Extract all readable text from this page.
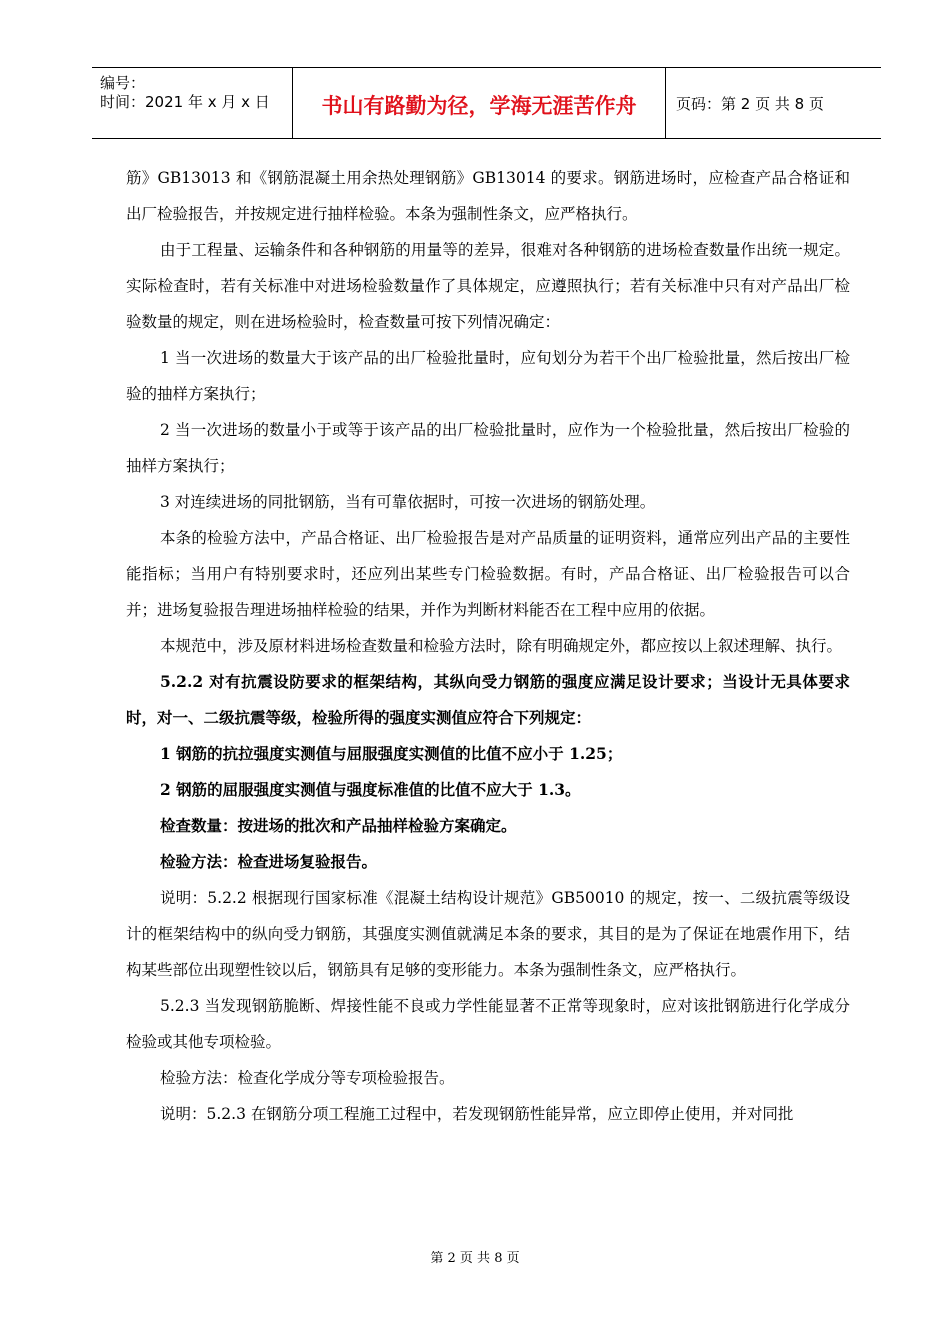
编号：
时间：2021 年 x 月 x 日	书山有路勤为径，学海无涯苦作舟	页码：第 2 页 共 8 页

筋》GB13013 和《钢筋混凝土用余热处理钢筋》GB13014 的要求。钢筋进场时，应检查产品合格证和出厂检验报告，并按规定进行抽样检验。本条为强制性条文，应严格执行。

由于工程量、运输条件和各种钢筋的用量等的差异，很难对各种钢筋的进场检查数量作出统一规定。实际检查时，若有关标准中对进场检验数量作了具体规定，应遵照执行；若有关标准中只有对产品出厂检验数量的规定，则在进场检验时，检查数量可按下列情况确定：

1 当一次进场的数量大于该产品的出厂检验批量时，应旬划分为若干个出厂检验批量，然后按出厂检验的抽样方案执行；

2 当一次进场的数量小于或等于该产品的出厂检验批量时，应作为一个检验批量，然后按出厂检验的抽样方案执行；

3 对连续进场的同批钢筋，当有可靠依据时，可按一次进场的钢筋处理。

本条的检验方法中，产品合格证、出厂检验报告是对产品质量的证明资料，通常应列出产品的主要性能指标；当用户有特别要求时，还应列出某些专门检验数据。有时，产品合格证、出厂检验报告可以合并；进场复验报告理进场抽样检验的结果，并作为判断材料能否在工程中应用的依据。

本规范中，涉及原材料进场检查数量和检验方法时，除有明确规定外，都应按以上叙述理解、执行。

5.2.2 对有抗震设防要求的框架结构，其纵向受力钢筋的强度应满足设计要求；当设计无具体要求时，对一、二级抗震等级，检验所得的强度实测值应符合下列规定：

1 钢筋的抗拉强度实测值与屈服强度实测值的比值不应小于 1.25；

2 钢筋的屈服强度实测值与强度标准值的比值不应大于 1.3。

检查数量：按进场的批次和产品抽样检验方案确定。

检验方法：检查进场复验报告。

说明：5.2.2 根据现行国家标准《混凝土结构设计规范》GB50010 的规定，按一、二级抗震等级设计的框架结构中的纵向受力钢筋，其强度实测值就满足本条的要求，其目的是为了保证在地震作用下，结构某些部位出现塑性铰以后，钢筋具有足够的变形能力。本条为强制性条文，应严格执行。

5.2.3 当发现钢筋脆断、焊接性能不良或力学性能显著不正常等现象时，应对该批钢筋进行化学成分检验或其他专项检验。

检验方法：检查化学成分等专项检验报告。

说明：5.2.3 在钢筋分项工程施工过程中，若发现钢筋性能异常，应立即停止使用，并对同批

第 2 页 共 8 页
